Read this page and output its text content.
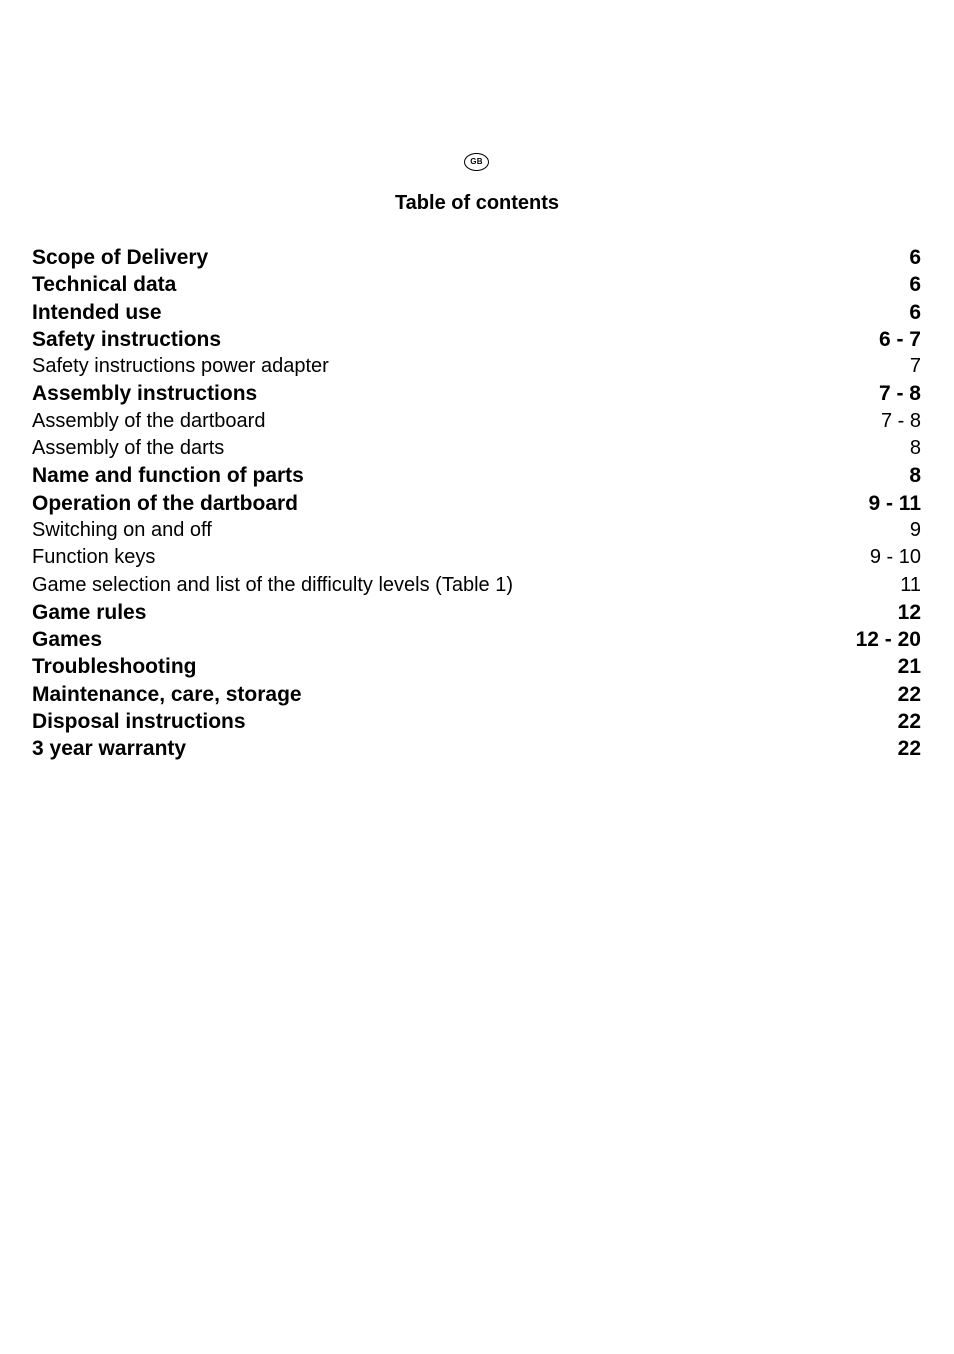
GB
Table of contents
Scope of Delivery	6
Technical data	6
Intended use	6
Safety instructions	6 - 7
Safety instructions power adapter	7
Assembly instructions	7 - 8
Assembly of the dartboard	7 - 8
Assembly of the darts	8
Name and function of parts	8
Operation of the dartboard	9 - 11
Switching on and off	9
Function keys	9 - 10
Game selection and list of the difficulty levels (Table 1)	11
Game rules	12
Games	12 - 20
Troubleshooting	21
Maintenance, care, storage	22
Disposal instructions	22
3 year warranty	22
